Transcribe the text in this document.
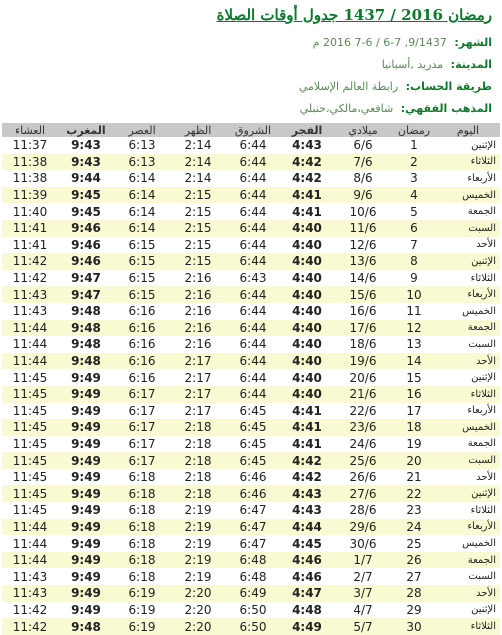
رمضان 2016 / 1437 جدول أوقات الصلاة
الشهر: 9/1437, 7-6 / 6-7 2016 م
المدينة: مدريد ,أسبانيا
طريقة الحساب: رابطة العالم الإسلامي
المذهب الفقهي: شافعي،مالكي،حنبلي
اليوم	رمضان	ميلادي	الفجر	الشروق	الظهر	العصر	المغرب	العشاء
الإثنين	1	6/6	4:43	6:44	2:14	6:13	9:43	11:37
الثلاثاء	2	7/6	4:42	6:44	2:14	6:13	9:43	11:38
الأربعاء	3	8/6	4:42	6:44	2:14	6:14	9:44	11:38
الخميس	4	9/6	4:41	6:44	2:15	6:14	9:45	11:39
الجمعة	5	10/6	4:41	6:44	2:15	6:14	9:45	11:40
السبت	6	11/6	4:40	6:44	2:15	6:14	9:46	11:41
الأحد	7	12/6	4:40	6:44	2:15	6:15	9:46	11:41
الإثنين	8	13/6	4:40	6:44	2:15	6:15	9:46	11:42
الثلاثاء	9	14/6	4:40	6:43	2:16	6:15	9:47	11:42
الأربعاء	10	15/6	4:40	6:44	2:16	6:15	9:47	11:43
الخميس	11	16/6	4:40	6:44	2:16	6:16	9:48	11:43
الجمعة	12	17/6	4:40	6:44	2:16	6:16	9:48	11:44
السبت	13	18/6	4:40	6:44	2:16	6:16	9:48	11:44
الأحد	14	19/6	4:40	6:44	2:17	6:16	9:48	11:44
الإثنين	15	20/6	4:40	6:44	2:17	6:16	9:49	11:45
الثلاثاء	16	21/6	4:40	6:44	2:17	6:17	9:49	11:45
الأربعاء	17	22/6	4:41	6:45	2:17	6:17	9:49	11:45
الخميس	18	23/6	4:41	6:45	2:18	6:17	9:49	11:45
الجمعة	19	24/6	4:41	6:45	2:18	6:17	9:49	11:45
السبت	20	25/6	4:42	6:45	2:18	6:17	9:49	11:45
الأحد	21	26/6	4:42	6:46	2:18	6:18	9:49	11:45
الإثنين	22	27/6	4:43	6:46	2:18	6:18	9:49	11:45
الثلاثاء	23	28/6	4:43	6:47	2:19	6:18	9:49	11:45
الأربعاء	24	29/6	4:44	6:47	2:19	6:18	9:49	11:44
الخميس	25	30/6	4:45	6:47	2:19	6:18	9:49	11:44
الجمعة	26	1/7	4:46	6:48	2:19	6:18	9:49	11:44
السبت	27	2/7	4:46	6:48	2:19	6:18	9:49	11:43
الأحد	28	3/7	4:47	6:49	2:20	6:19	9:49	11:43
الإثنين	29	4/7	4:48	6:50	2:20	6:19	9:49	11:42
الثلاثاء	30	5/7	4:49	6:50	2:20	6:19	9:48	11:42
